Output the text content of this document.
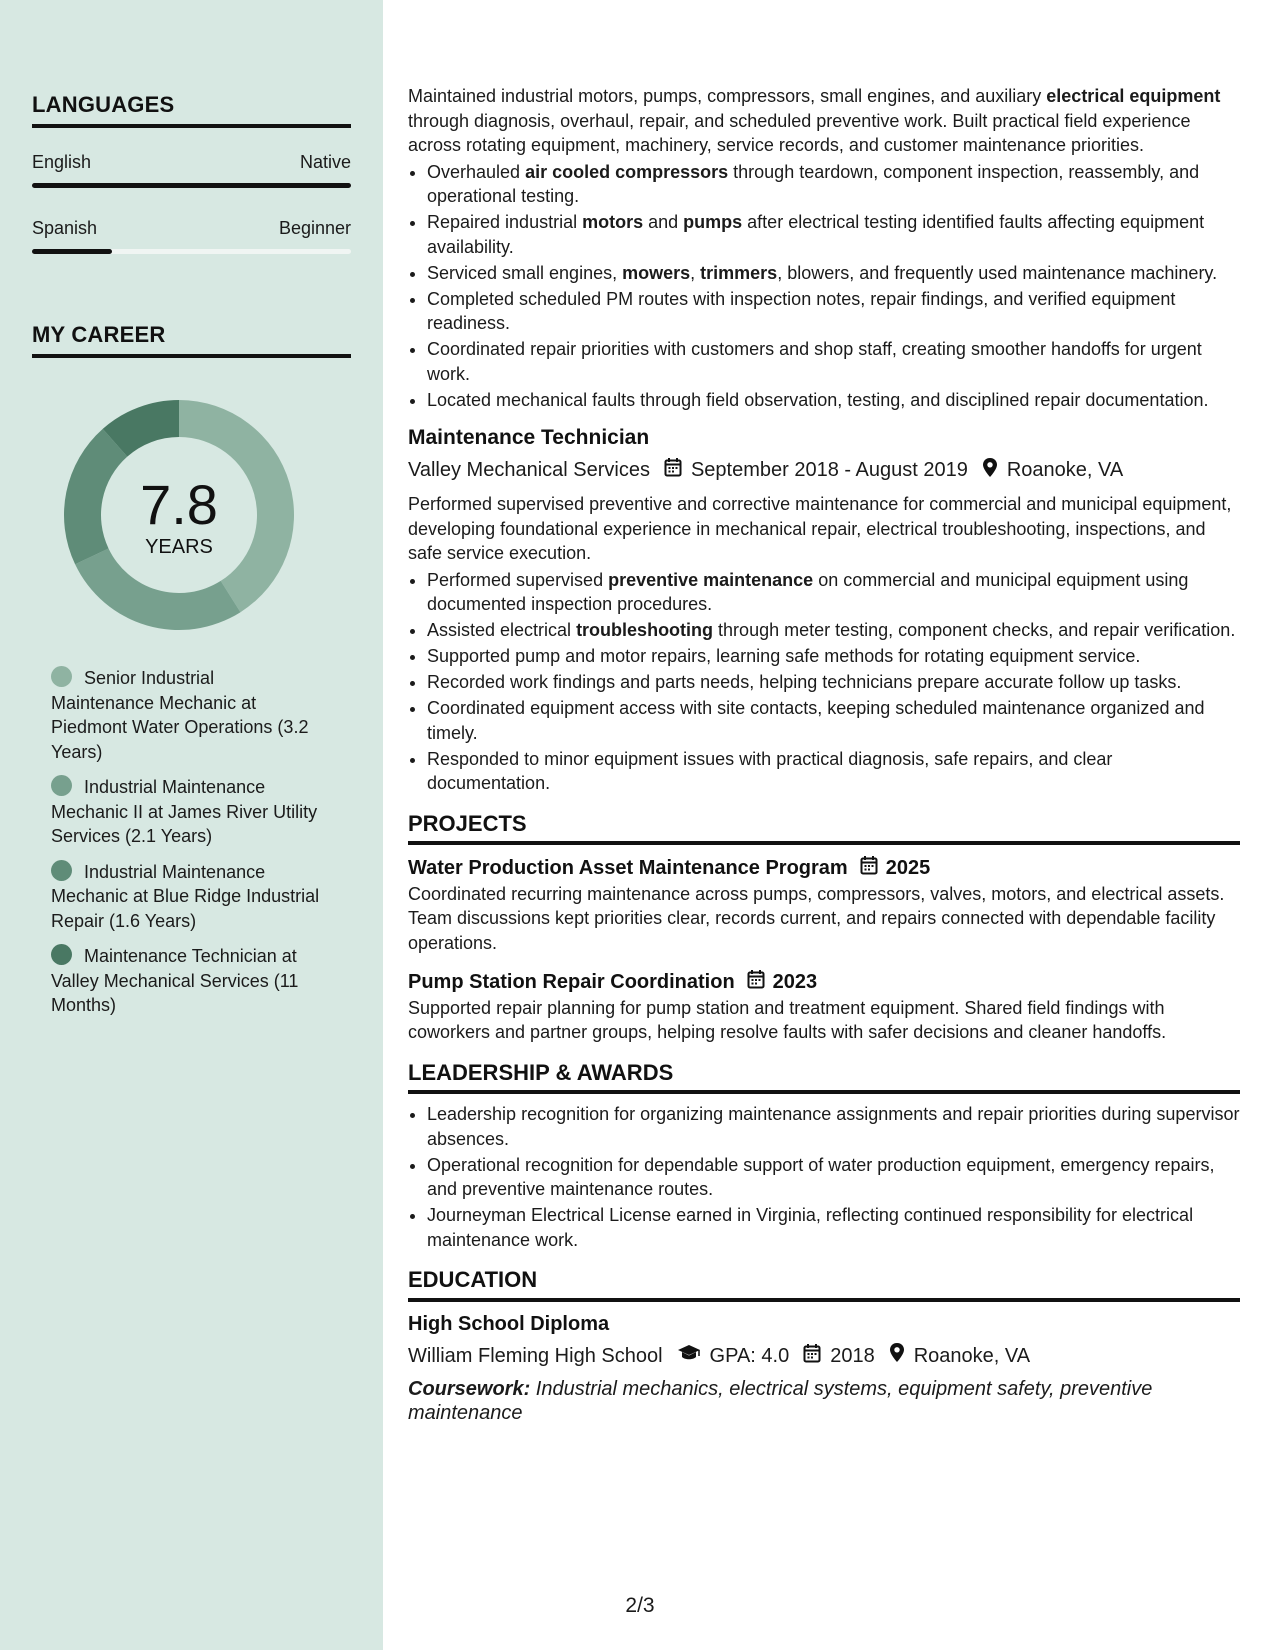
LANGUAGES
English	Native
Spanish	Beginner
MY CAREER
7.8
YEARS
Senior Industrial Maintenance Mechanic at Piedmont Water Operations (3.2 Years)
Industrial Maintenance Mechanic II at James River Utility Services (2.1 Years)
Industrial Maintenance Mechanic at Blue Ridge Industrial Repair (1.6 Years)
Maintenance Technician at Valley Mechanical Services (11 Months)

Maintained industrial motors, pumps, compressors, small engines, and auxiliary electrical equipment through diagnosis, overhaul, repair, and scheduled preventive work. Built practical field experience across rotating equipment, machinery, service records, and customer maintenance priorities.

• Overhauled air cooled compressors through teardown, component inspection, reassembly, and operational testing.
• Repaired industrial motors and pumps after electrical testing identified faults affecting equipment availability.
• Serviced small engines, mowers, trimmers, blowers, and frequently used maintenance machinery.
• Completed scheduled PM routes with inspection notes, repair findings, and verified equipment readiness.
• Coordinated repair priorities with customers and shop staff, creating smoother handoffs for urgent work.
• Located mechanical faults through field observation, testing, and disciplined repair documentation.
Maintenance Technician
Valley Mechanical Services September 2018 - August 2019 Roanoke, VA

Performed supervised preventive and corrective maintenance for commercial and municipal equipment, developing foundational experience in mechanical repair, electrical troubleshooting, inspections, and safe service execution.

• Performed supervised preventive maintenance on commercial and municipal equipment using documented inspection procedures.
• Assisted electrical troubleshooting through meter testing, component checks, and repair verification.
• Supported pump and motor repairs, learning safe methods for rotating equipment service.
• Recorded work findings and parts needs, helping technicians prepare accurate follow up tasks.
• Coordinated equipment access with site contacts, keeping scheduled maintenance organized and timely.
• Responded to minor equipment issues with practical diagnosis, safe repairs, and clear documentation.
PROJECTS
Water Production Asset Maintenance Program 2025

Coordinated recurring maintenance across pumps, compressors, valves, motors, and electrical assets. Team discussions kept priorities clear, records current, and repairs connected with dependable facility operations.

Pump Station Repair Coordination 2023

Supported repair planning for pump station and treatment equipment. Shared field findings with coworkers and partner groups, helping resolve faults with safer decisions and cleaner handoffs.

LEADERSHIP & AWARDS
• Leadership recognition for organizing maintenance assignments and repair priorities during supervisor absences.
• Operational recognition for dependable support of water production equipment, emergency repairs, and preventive maintenance routes.
• Journeyman Electrical License earned in Virginia, reflecting continued responsibility for electrical maintenance work.
EDUCATION
High School Diploma
William Fleming High School GPA: 4.0 2018 Roanoke, VA
Coursework: Industrial mechanics, electrical systems, equipment safety, preventive maintenance
2/3
